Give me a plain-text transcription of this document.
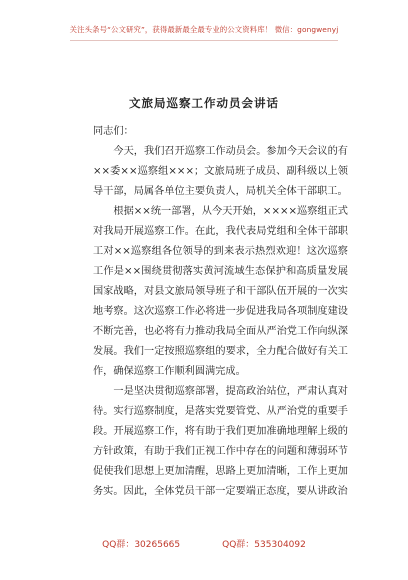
关注头条号“公文研究”，获得最新最全最专业的公文资料库！ 微信：gongwenyj
文旅局巡察工作动员会讲话

同志们：

今天，我们召开巡察工作动员会。参加今天会议的有××委××巡察组×××；文旅局班子成员、副科级以上领导干部，局属各单位主要负责人，局机关全体干部职工。

根据××统一部署，从今天开始，××××巡察组正式对我局开展巡察工作。在此，我代表局党组和全体干部职工对××巡察组各位领导的到来表示热烈欢迎！这次巡察工作是××围绕贯彻落实黄河流域生态保护和高质量发展国家战略，对县文旅局领导班子和干部队伍开展的一次实地考察。这次巡察工作必将进一步促进我局各项制度建设不断完善，也必将有力推动我局全面从严治党工作向纵深发展。我们一定按照巡察组的要求，全力配合做好有关工作，确保巡察工作顺利圆满完成。

一是坚决贯彻巡察部署，提高政治站位，严肃认真对待。实行巡察制度，是落实党要管党、从严治党的重要手段。开展巡察工作，将有助于我们更加准确地理解上级的方针政策，有助于我们正视工作中存在的问题和薄弱环节促使我们思想上更加清醒，思路上更加清晰，工作上更加务实。因此，全体党员干部一定要端正态度，要从讲政治

QQ群：30265665	QQ群：535304092
